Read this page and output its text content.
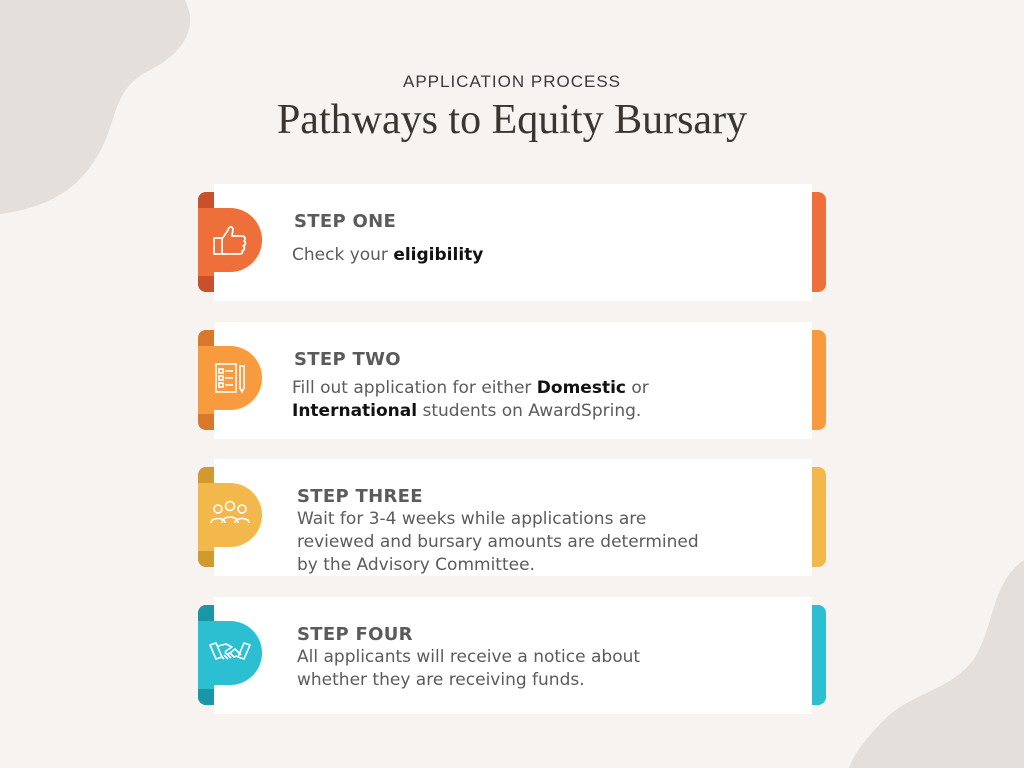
APPLICATION PROCESS
Pathways to Equity Bursary
STEP ONE
Check your eligibility
STEP TWO
Fill out application for either Domestic or
International students on AwardSpring.
STEP THREE
Wait for 3-4 weeks while applications are
reviewed and bursary amounts are determined
by the Advisory Committee.
STEP FOUR
All applicants will receive a notice about
whether they are receiving funds.
